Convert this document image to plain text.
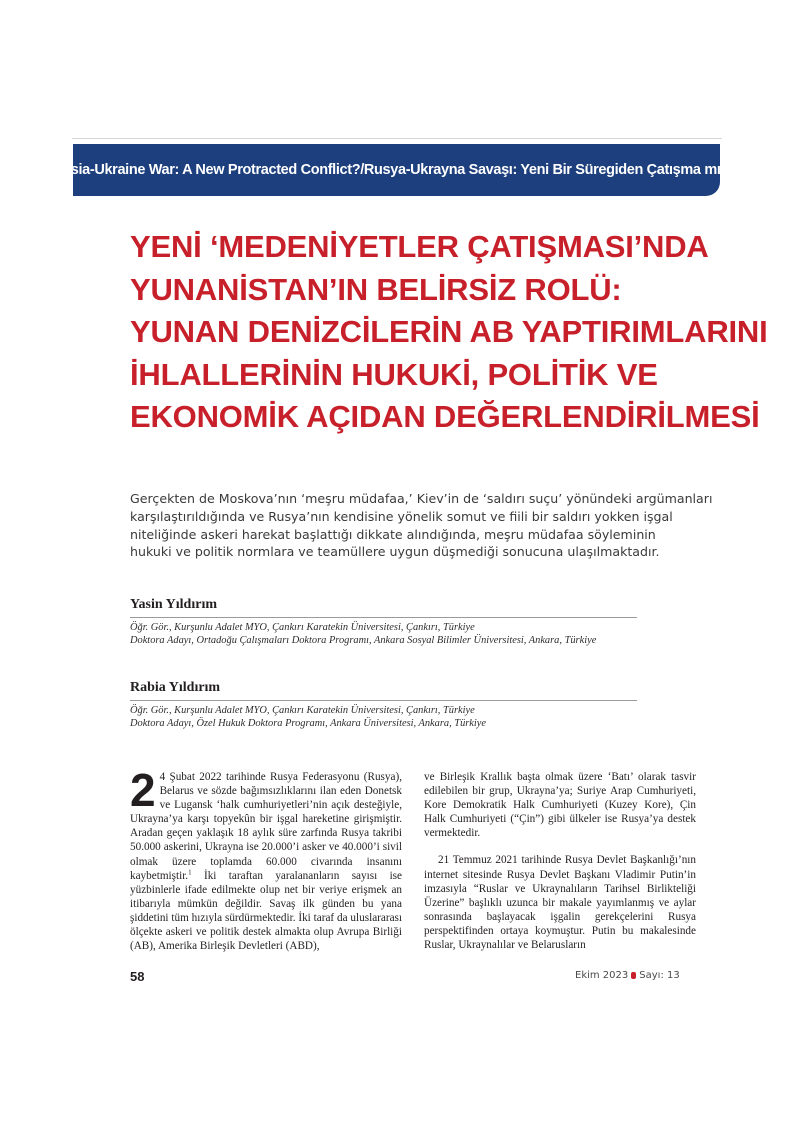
Russia-Ukraine War: A New Protracted Conflict?/Rusya-Ukrayna Savaşı: Yeni Bir Süregiden Çatışma mı? - 6
YENİ ‘MEDENİYETLER ÇATIŞMASI’NDA
YUNANİSTAN’IN BELİRSİZ ROLÜ:
YUNAN DENİZCİLERİN AB YAPTIRIMLARINI
İHLALLERİNİN HUKUKİ, POLİTİK VE
EKONOMİK AÇIDAN DEĞERLENDİRİLMESİ
Gerçekten de Moskova’nın ‘meşru müdafaa,’ Kiev’in de ‘saldırı suçu’ yönündeki argümanları
karşılaştırıldığında ve Rusya’nın kendisine yönelik somut ve fiili bir saldırı yokken işgal
niteliğinde askeri harekat başlattığı dikkate alındığında, meşru müdafaa söyleminin
hukuki ve politik normlara ve teamüllere uygun düşmediği sonucuna ulaşılmaktadır.
Yasin Yıldırım
Öğr. Gör., Kurşunlu Adalet MYO, Çankırı Karatekin Üniversitesi, Çankırı, Türkiye
Doktora Adayı, Ortadoğu Çalışmaları Doktora Programı, Ankara Sosyal Bilimler Üniversitesi, Ankara, Türkiye
Rabia Yıldırım
Öğr. Gör., Kurşunlu Adalet MYO, Çankırı Karatekin Üniversitesi, Çankırı, Türkiye
Doktora Adayı, Özel Hukuk Doktora Programı, Ankara Üniversitesi, Ankara, Türkiye

2 4 Şubat 2022 tarihinde Rusya Federasyonu (Rusya), Belarus ve sözde bağımsızlıklarını ilan eden Donetsk ve Lugansk ‘halk cumhuriyetleri’nin açık desteğiyle, Ukrayna’ya karşı topyekûn bir işgal hareketine girişmiştir. Aradan geçen yaklaşık 18 aylık süre zarfında Rusya takribi 50.000 askerini, Ukrayna ise 20.000’i asker ve 40.000’i sivil olmak üzere toplamda 60.000 civarında insanını kaybetmiştir.$^1$ İki taraftan yaralananların sayısı ise yüzbinlerle ifade edilmekte olup net bir veriye erişmek an itibarıyla mümkün değildir. Savaş ilk günden bu yana şiddetini tüm hızıyla sürdürmektedir. İki taraf da uluslararası ölçekte askeri ve politik destek almakta olup Avrupa Birliği (AB), Amerika Birleşik Devletleri (ABD),

ve Birleşik Krallık başta olmak üzere ‘Batı’ olarak tasvir edilebilen bir grup, Ukrayna’ya; Suriye Arap Cumhuriyeti, Kore Demokratik Halk Cumhuriyeti (Kuzey Kore), Çin Halk Cumhuriyeti (“Çin”) gibi ülkeler ise Rusya’ya destek vermektedir.

21 Temmuz 2021 tarihinde Rusya Devlet Başkanlığı’nın internet sitesinde Rusya Devlet Başkanı Vladimir Putin’in imzasıyla “Ruslar ve Ukraynalıların Tarihsel Birlikteliği Üzerine” başlıklı uzunca bir makale yayımlanmış ve aylar sonrasında başlayacak işgalin gerekçelerini Rusya perspektifinden ortaya koymuştur. Putin bu makalesinde Ruslar, Ukraynalılar ve Belarusların

58	Ekim 2023 Sayı: 13
